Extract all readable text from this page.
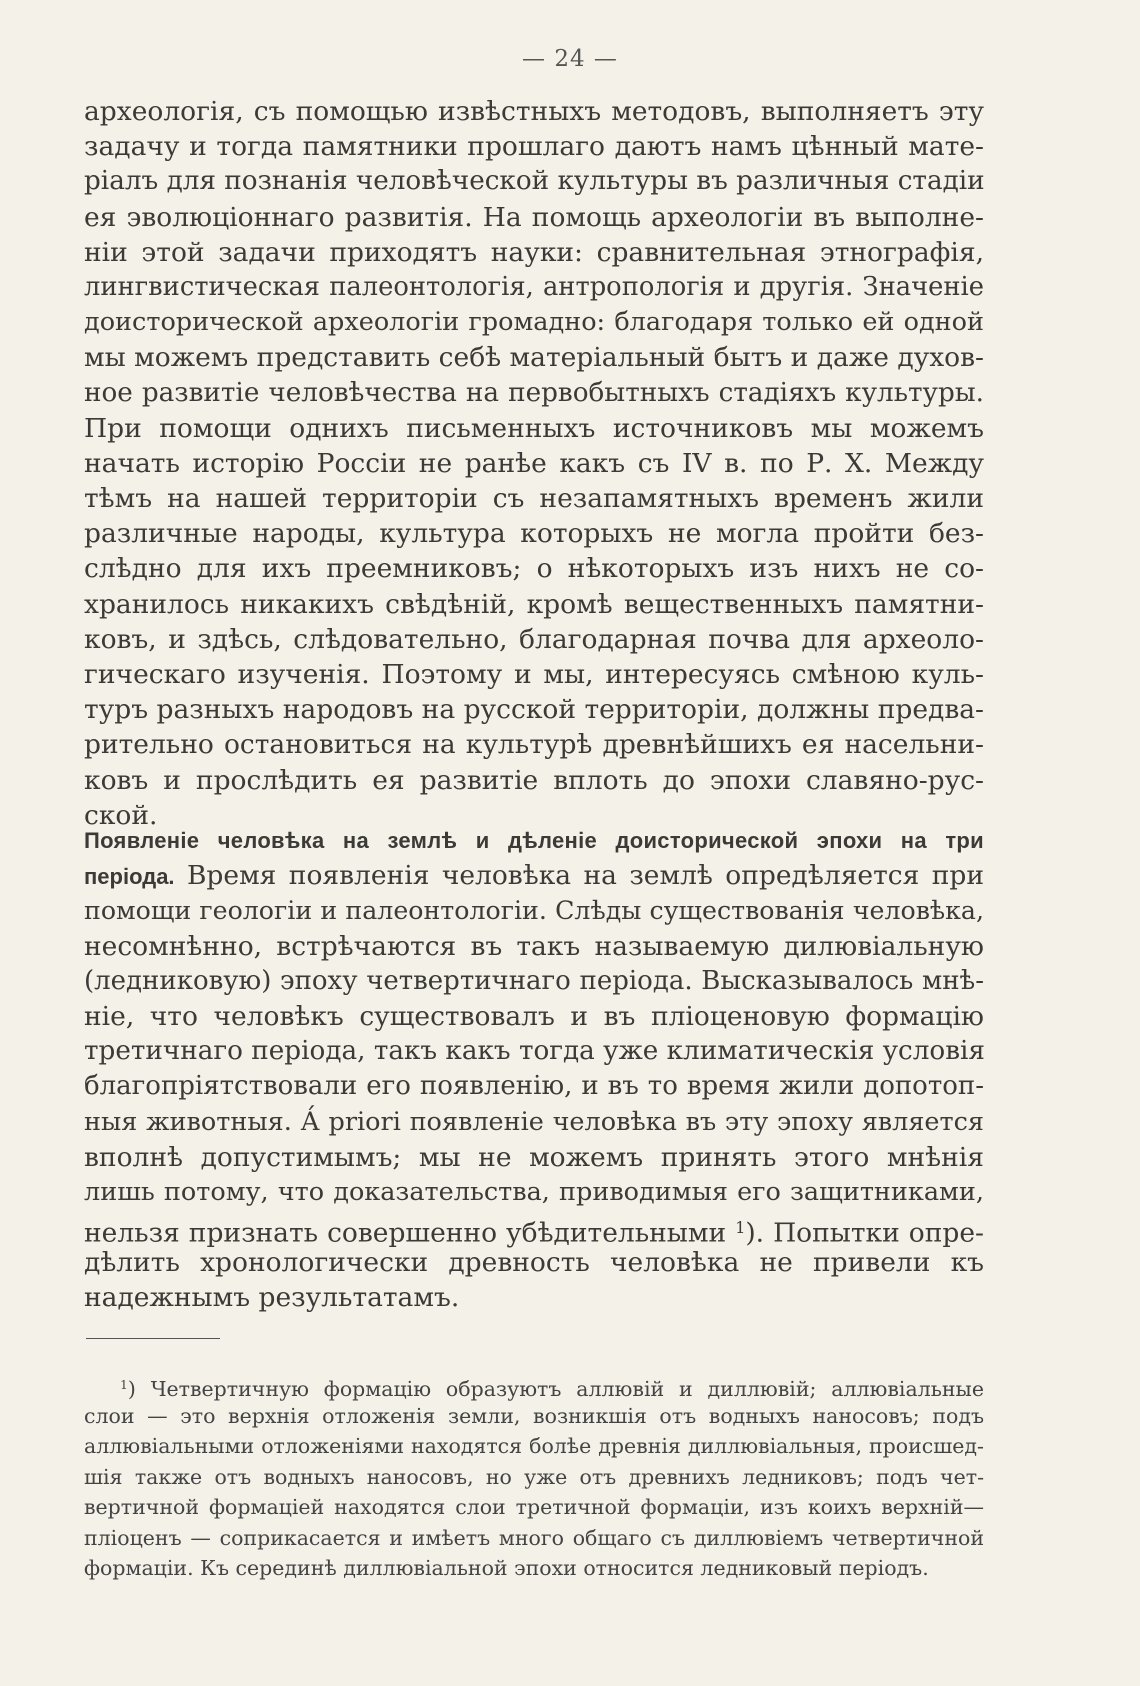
— 24 —
археологія, съ помощью извѣстныхъ методовъ, выполняетъ эту
задачу и тогда памятники прошлаго даютъ намъ цѣнный мате-
ріалъ для познанія человѣческой культуры въ различныя стадіи
ея эволюціоннаго развитія. На помощь археологіи въ выполне-
ніи этой задачи приходятъ науки: сравнительная этнографія,
лингвистическая палеонтологія, антропологія и другія. Значеніе
доисторической археологіи громадно: благодаря только ей одной
мы можемъ представить себѣ матеріальный бытъ и даже духов-
ное развитіе человѣчества на первобытныхъ стадіяхъ культуры.
При помощи однихъ письменныхъ источниковъ мы можемъ
начать исторію Россіи не ранѣе какъ съ IV в. по Р. Х. Между
тѣмъ на нашей территоріи съ незапамятныхъ временъ жили
различные народы, культура которыхъ не могла пройти без-
слѣдно для ихъ преемниковъ; о нѣкоторыхъ изъ нихъ не со-
хранилось никакихъ свѣдѣній, кромѣ вещественныхъ памятни-
ковъ, и здѣсь, слѣдовательно, благодарная почва для археоло-
гическаго изученія. Поэтому и мы, интересуясь смѣною куль-
туръ разныхъ народовъ на русской территоріи, должны предва-
рительно остановиться на культурѣ древнѣйшихъ ея насельни-
ковъ и прослѣдить ея развитіе вплоть до эпохи славяно-рус-
ской.
Появленіе человѣка на землѣ и дѣленіе доисторической эпохи на три
періода. Время появленія человѣка на землѣ опредѣляется при
помощи геологіи и палеонтологіи. Слѣды существованія человѣка,
несомнѣнно, встрѣчаются въ такъ называемую дилювіальную
(ледниковую) эпоху четвертичнаго періода. Высказывалось мнѣ-
ніе, что человѣкъ существовалъ и въ пліоценовую формацію
третичнаго періода, такъ какъ тогда уже климатическія условія
благопріятствовали его появленію, и въ то время жили допотоп-
ныя животныя. А́ priori появленіе человѣка въ эту эпоху является
вполнѣ допустимымъ; мы не можемъ принять этого мнѣнія
лишь потому, что доказательства, приводимыя его защитниками,
нельзя признать совершенно убѣдительными $^1$). Попытки опре-
дѣлить хронологически древность человѣка не привели къ
надежнымъ результатамъ.
$^1$) Четвертичную формацію образуютъ аллювій и диллювій; аллювіальные
слои — это верхнія отложенія земли, возникшія отъ водныхъ наносовъ; подъ
аллювіальными отложеніями находятся болѣе древнія диллювіальныя, происшед-
шія также отъ водныхъ наносовъ, но уже отъ древнихъ ледниковъ; подъ чет-
вертичной формаціей находятся слои третичной формаціи, изъ коихъ верхній—
пліоценъ — соприкасается и имѣетъ много общаго съ диллювіемъ четвертичной
формаціи. Къ серединѣ диллювіальной эпохи относится ледниковый періодъ.
